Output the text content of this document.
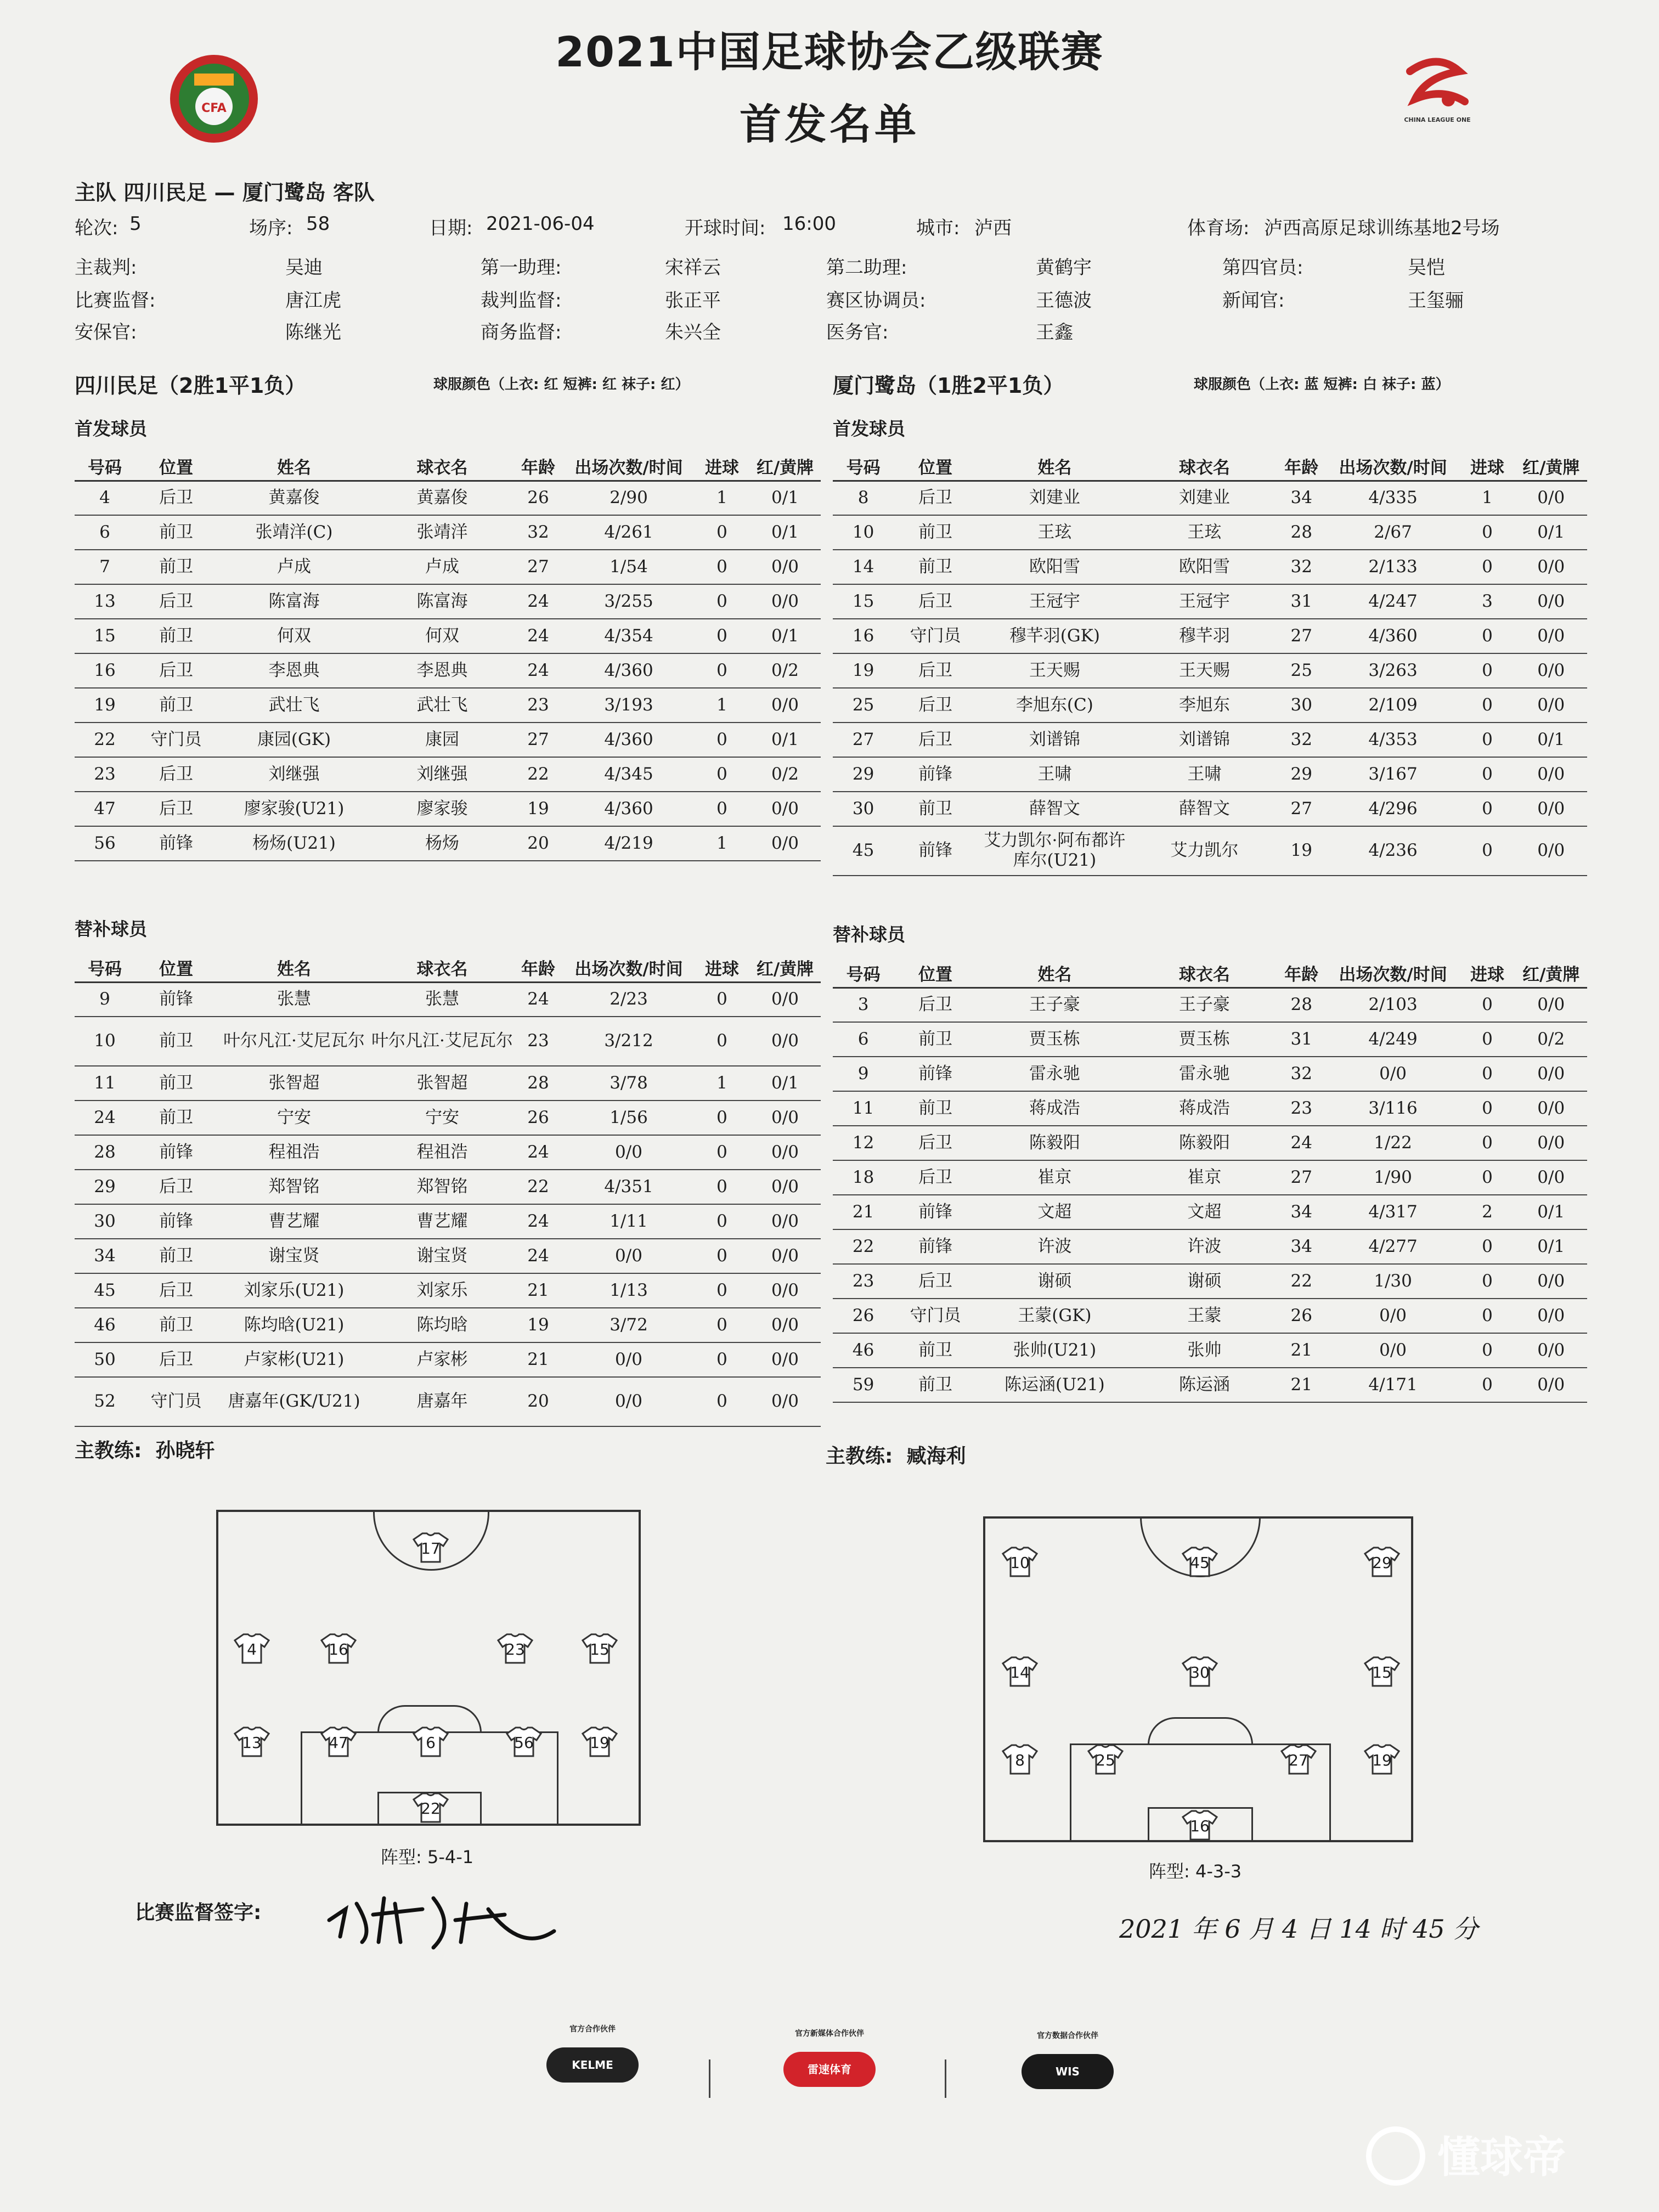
2021中国足球协会乙级联赛
首发名单
CFA
CHINA LEAGUE ONE
主队 四川民足 — 厦门鹭岛 客队
轮次: 5	场序: 58	日期: 2021-06-04	开球时间: 16:00	城市: 泸西	体育场: 泸西高原足球训练基地2号场
主裁判:	吴迪	第一助理:	宋祥云	第二助理:	黄鹤宇	第四官员:	吴恺
比赛监督:	唐江虎	裁判监督:	张正平	赛区协调员:	王德波	新闻官:	王玺骊
安保官:	陈继光	商务监督:	朱兴全	医务官:	王鑫
四川民足（2胜1平1负）	球服颜色（上衣: 红 短裤: 红 袜子: 红）	厦门鹭岛（1胜2平1负）	球服颜色（上衣: 蓝 短裤: 白 袜子: 蓝）
首发球员	首发球员
号码	位置	姓名	球衣名	年龄	出场次数/时间	进球	红/黄牌
4	后卫	黄嘉俊	黄嘉俊	26	2/90	1	0/1
6	前卫	张靖洋(C)	张靖洋	32	4/261	0	0/1
7	前卫	卢成	卢成	27	1/54	0	0/0
13	后卫	陈富海	陈富海	24	3/255	0	0/0
15	前卫	何双	何双	24	4/354	0	0/1
16	后卫	李恩典	李恩典	24	4/360	0	0/2
19	前卫	武壮飞	武壮飞	23	3/193	1	0/0
22	守门员	康园(GK)	康园	27	4/360	0	0/1
23	后卫	刘继强	刘继强	22	4/345	0	0/2
47	后卫	廖家骏(U21)	廖家骏	19	4/360	0	0/0
56	前锋	杨炀(U21)	杨炀	20	4/219	1	0/0
号码	位置	姓名	球衣名	年龄	出场次数/时间	进球	红/黄牌
8	后卫	刘建业	刘建业	34	4/335	1	0/0
10	前卫	王玹	王玹	28	2/67	0	0/1
14	前卫	欧阳雪	欧阳雪	32	2/133	0	0/0
15	后卫	王冠宇	王冠宇	31	4/247	3	0/0
16	守门员	穆芊羽(GK)	穆芊羽	27	4/360	0	0/0
19	后卫	王天赐	王天赐	25	3/263	0	0/0
25	后卫	李旭东(C)	李旭东	30	2/109	0	0/0
27	后卫	刘谱锦	刘谱锦	32	4/353	0	0/1
29	前锋	王啸	王啸	29	3/167	0	0/0
30	前卫	薛智文	薛智文	27	4/296	0	0/0
45	前锋	艾力凯尔·阿布都许库尔(U21)	艾力凯尔	19	4/236	0	0/0
替补球员	替补球员
号码	位置	姓名	球衣名	年龄	出场次数/时间	进球	红/黄牌
9	前锋	张慧	张慧	24	2/23	0	0/0
10	前卫	叶尔凡江·艾尼瓦尔	叶尔凡江·艾尼瓦尔	23	3/212	0	0/0
11	前卫	张智超	张智超	28	3/78	1	0/1
24	前卫	宁安	宁安	26	1/56	0	0/0
28	前锋	程祖浩	程祖浩	24	0/0	0	0/0
29	后卫	郑智铭	郑智铭	22	4/351	0	0/0
30	前锋	曹艺耀	曹艺耀	24	1/11	0	0/0
34	前卫	谢宝贤	谢宝贤	24	0/0	0	0/0
45	后卫	刘家乐(U21)	刘家乐	21	1/13	0	0/0
46	前卫	陈均晗(U21)	陈均晗	19	3/72	0	0/0
50	后卫	卢家彬(U21)	卢家彬	21	0/0	0	0/0
52	守门员	唐嘉年(GK/U21)	唐嘉年	20	0/0	0	0/0
号码	位置	姓名	球衣名	年龄	出场次数/时间	进球	红/黄牌
3	后卫	王子豪	王子豪	28	2/103	0	0/0
6	前卫	贾玉栋	贾玉栋	31	4/249	0	0/2
9	前锋	雷永驰	雷永驰	32	0/0	0	0/0
11	前卫	蒋成浩	蒋成浩	23	3/116	0	0/0
12	后卫	陈毅阳	陈毅阳	24	1/22	0	0/0
18	后卫	崔京	崔京	27	1/90	0	0/0
21	前锋	文超	文超	34	4/317	2	0/1
22	前锋	许波	许波	34	4/277	0	0/1
23	后卫	谢硕	谢硕	22	1/30	0	0/0
26	守门员	王蒙(GK)	王蒙	26	0/0	0	0/0
46	前卫	张帅(U21)	张帅	21	0/0	0	0/0
59	前卫	陈运涵(U21)	陈运涵	21	4/171	0	0/0
主教练: 孙晓轩	主教练: 臧海利
17
4	16	23	15
13	47	6	56	19
22
阵型: 5-4-1
10	45	29
14	30	15
8	25	27	19
16
阵型: 4-3-3
比赛监督签字:
2021 年 6 月 4 日 14 时 45 分
官方合作伙伴
KELME
官方新媒体合作伙伴
雷速体育
官方数据合作伙伴
WIS
懂球帝
